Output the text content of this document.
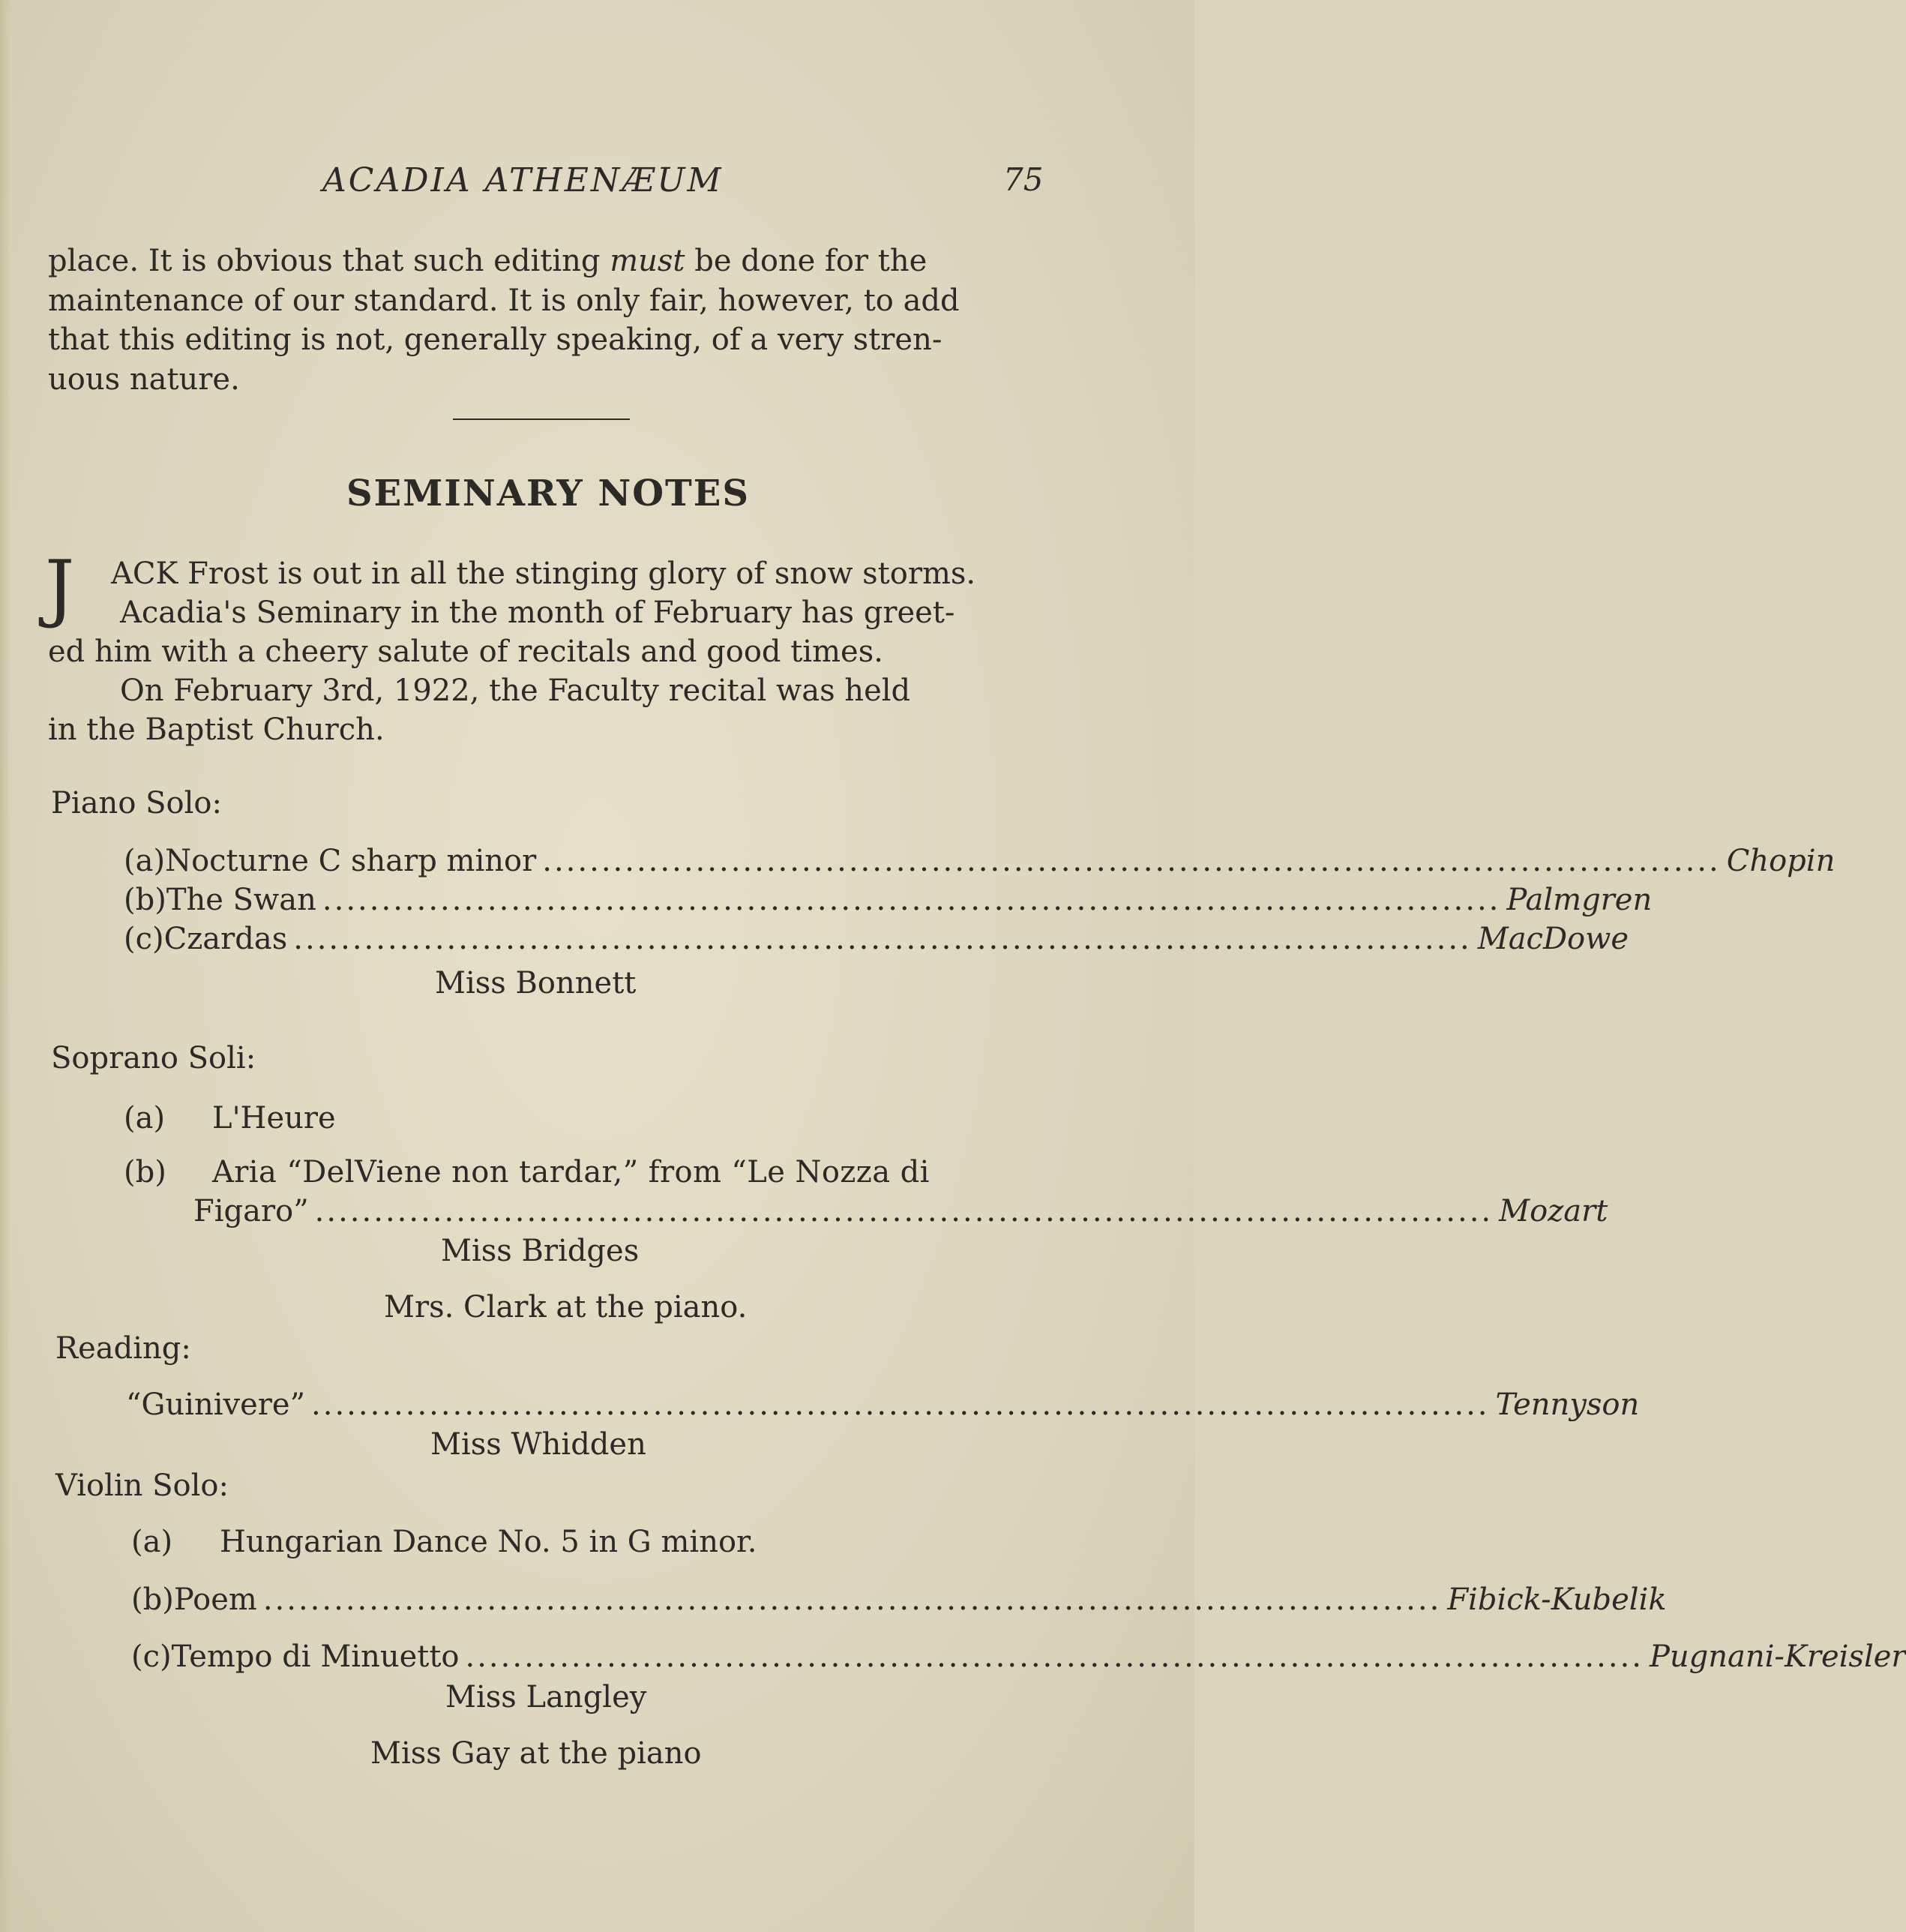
ACADIA ATHENÆUM	75

place. It is obvious that such editing must be done for the

maintenance of our standard. It is only fair, however, to add

that this editing is not, generally speaking, of a very stren-

uous nature.

SEMINARY NOTES
J ACK Frost is out in all the stinging glory of snow storms.
Acadia's Seminary in the month of February has greet-
ed him with a cheery salute of recitals and good times.
On February 3rd, 1922, the Faculty recital was held
in the Baptist Church.
Piano Solo:
(a) Nocturne C sharp minor .................................................................................................... Chopin
(b) The Swan .................................................................................................... Palmgren
(c) Czardas .................................................................................................... MacDowe
Miss Bonnett
Soprano Soli:
(a)	L'Heure
(b)	Aria “DelViene non tardar,” from “Le Nozza di
Figaro” .................................................................................................... Mozart
Miss Bridges
Mrs. Clark at the piano.
Reading:
“Guinivere” .................................................................................................... Tennyson
Miss Whidden
Violin Solo:
(a)	Hungarian Dance No. 5 in G minor.
(b) Poem .................................................................................................... Fibick-Kubelik
(c) Tempo di Minuetto .................................................................................................... Pugnani-Kreisler
Miss Langley
Miss Gay at the piano
